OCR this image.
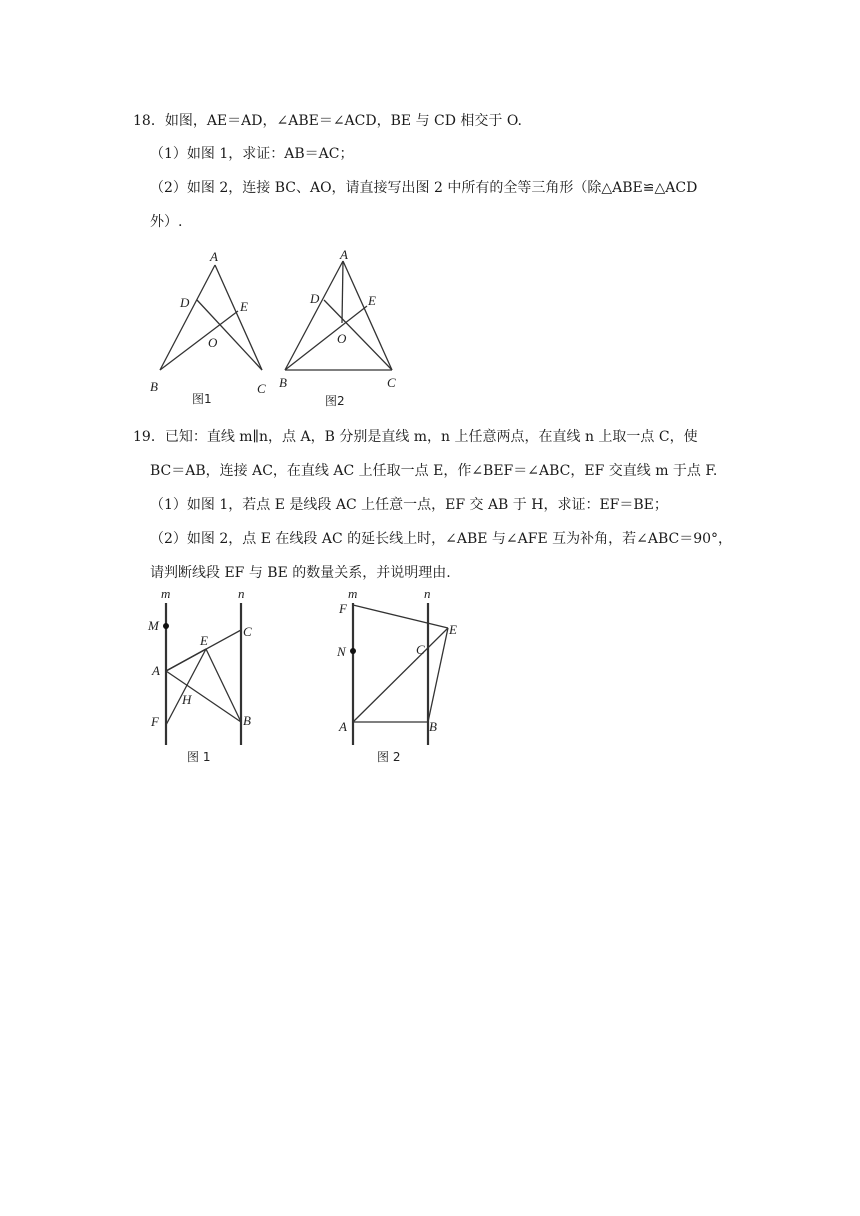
18．如图，AE＝AD，∠ABE＝∠ACD，BE 与 CD 相交于 O.
（1）如图 1，求证：AB＝AC；
（2）如图 2，连接 BC、AO，请直接写出图 2 中所有的全等三角形（除△ABE≌△ACD
外）.
A
D	E
O
B	C
图1
A
D	E
O
B	C
图2
19．已知：直线 m∥n，点 A，B 分别是直线 m，n 上任意两点，在直线 n 上取一点 C，使
BC＝AB，连接 AC，在直线 AC 上任取一点 E，作∠BEF＝∠ABC，EF 交直线 m 于点 F.
（1）如图 1，若点 E 是线段 AC 上任意一点，EF 交 AB 于 H，求证：EF＝BE；
（2）如图 2，点 E 在线段 AC 的延长线上时，∠ABE 与∠AFE 互为补角，若∠ABC＝90°，
请判断线段 EF 与 BE 的数量关系，并说明理由.
m	n
M	C
E
A
H
F	B
图 1
m	n
F
E
N	C
A	B
图 2
